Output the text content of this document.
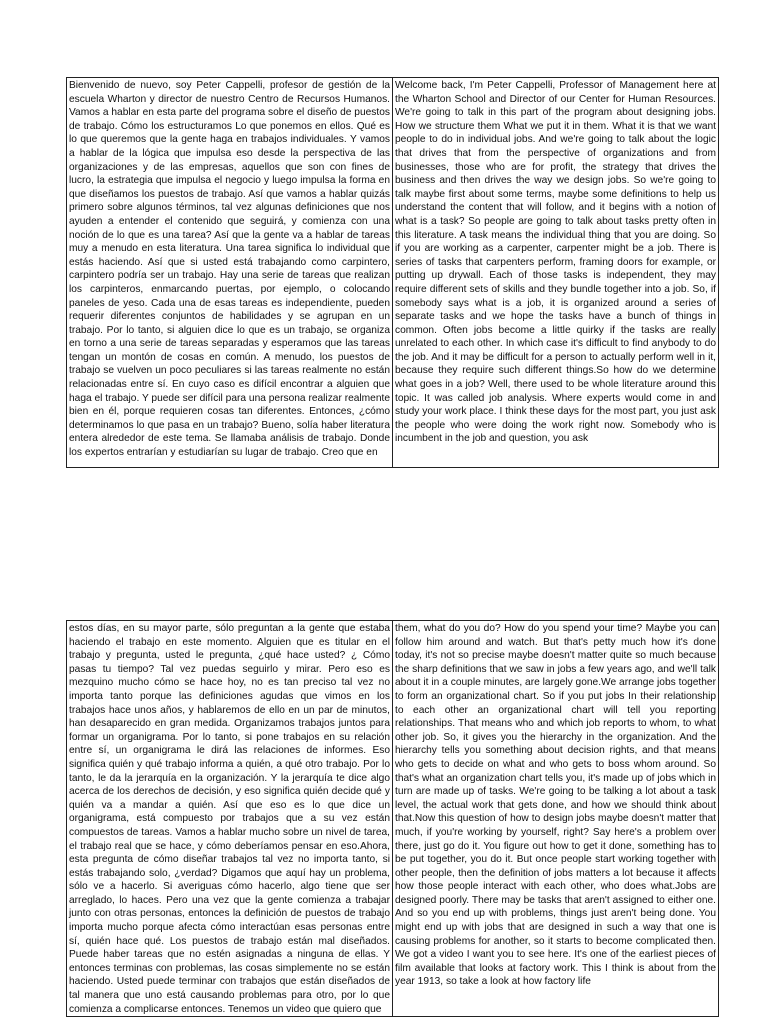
Bienvenido de nuevo, soy Peter Cappelli, profesor de gestión de la escuela Wharton y director de nuestro Centro de Recursos Humanos. Vamos a hablar en esta parte del programa sobre el diseño de puestos de trabajo. Cómo los estructuramos Lo que ponemos en ellos. Qué es lo que queremos que la gente haga en trabajos individuales. Y vamos a hablar de la lógica que impulsa eso desde la perspectiva de las organizaciones y de las empresas, aquellos que son con fines de lucro, la estrategia que impulsa el negocio y luego impulsa la forma en que diseñamos los puestos de trabajo. Así que vamos a hablar quizás primero sobre algunos términos, tal vez algunas definiciones que nos ayuden a entender el contenido que seguirá, y comienza con una noción de lo que es una tarea? Así que la gente va a hablar de tareas muy a menudo en esta literatura. Una tarea significa lo individual que estás haciendo. Así que si usted está trabajando como carpintero, carpintero podría ser un trabajo. Hay una serie de tareas que realizan los carpinteros, enmarcando puertas, por ejemplo, o colocando paneles de yeso. Cada una de esas tareas es independiente, pueden requerir diferentes conjuntos de habilidades y se agrupan en un trabajo. Por lo tanto, si alguien dice lo que es un trabajo, se organiza en torno a una serie de tareas separadas y esperamos que las tareas tengan un montón de cosas en común. A menudo, los puestos de trabajo se vuelven un poco peculiares si las tareas realmente no están relacionadas entre sí. En cuyo caso es difícil encontrar a alguien que haga el trabajo. Y puede ser difícil para una persona realizar realmente bien en él, porque requieren cosas tan diferentes. Entonces, ¿cómo determinamos lo que pasa en un trabajo? Bueno, solía haber literatura entera alrededor de este tema. Se llamaba análisis de trabajo. Donde los expertos entrarían y estudiarían su lugar de trabajo. Creo que en	Welcome back, I'm Peter Cappelli, Professor of Management here at the Wharton School and Director of our Center for Human Resources. We're going to talk in this part of the program about designing jobs. How we structure them What we put it in them. What it is that we want people to do in individual jobs. And we're going to talk about the logic that drives that from the perspective of organizations and from businesses, those who are for profit, the strategy that drives the business and then drives the way we design jobs. So we're going to talk maybe first about some terms, maybe some definitions to help us understand the content that will follow, and it begins with a notion of what is a task? So people are going to talk about tasks pretty often in this literature. A task means the individual thing that you are doing. So if you are working as a carpenter, carpenter might be a job. There is series of tasks that carpenters perform, framing doors for example, or putting up drywall. Each of those tasks is independent, they may require different sets of skills and they bundle together into a job. So, if somebody says what is a job, it is organized around a series of separate tasks and we hope the tasks have a bunch of things in common. Often jobs become a little quirky if the tasks are really unrelated to each other. In which case it's difficult to find anybody to do the job. And it may be difficult for a person to actually perform well in it, because they require such different things.So how do we determine what goes in a job? Well, there used to be whole literature around this topic. It was called job analysis. Where experts would come in and study your work place. I think these days for the most part, you just ask the people who were doing the work right now. Somebody who is incumbent in the job and question, you ask
estos días, en su mayor parte, sólo preguntan a la gente que estaba haciendo el trabajo en este momento. Alguien que es titular en el trabajo y pregunta, usted le pregunta, ¿qué hace usted? ¿ Cómo pasas tu tiempo? Tal vez puedas seguirlo y mirar. Pero eso es mezquino mucho cómo se hace hoy, no es tan preciso tal vez no importa tanto porque las definiciones agudas que vimos en los trabajos hace unos años, y hablaremos de ello en un par de minutos, han desaparecido en gran medida. Organizamos trabajos juntos para formar un organigrama. Por lo tanto, si pone trabajos en su relación entre sí, un organigrama le dirá las relaciones de informes. Eso significa quién y qué trabajo informa a quién, a qué otro trabajo. Por lo tanto, le da la jerarquía en la organización. Y la jerarquía te dice algo acerca de los derechos de decisión, y eso significa quién decide qué y quién va a mandar a quién. Así que eso es lo que dice un organigrama, está compuesto por trabajos que a su vez están compuestos de tareas. Vamos a hablar mucho sobre un nivel de tarea, el trabajo real que se hace, y cómo deberíamos pensar en eso.Ahora, esta pregunta de cómo diseñar trabajos tal vez no importa tanto, si estás trabajando solo, ¿verdad? Digamos que aquí hay un problema, sólo ve a hacerlo. Si averiguas cómo hacerlo, algo tiene que ser arreglado, lo haces. Pero una vez que la gente comienza a trabajar junto con otras personas, entonces la definición de puestos de trabajo importa mucho porque afecta cómo interactúan esas personas entre sí, quién hace qué. Los puestos de trabajo están mal diseñados. Puede haber tareas que no estén asignadas a ninguna de ellas. Y entonces terminas con problemas, las cosas simplemente no se están haciendo. Usted puede terminar con trabajos que están diseñados de tal manera que uno está causando problemas para otro, por lo que comienza a complicarse entonces. Tenemos un video que quiero que	them, what do you do? How do you spend your time? Maybe you can follow him around and watch. But that's petty much how it's done today, it's not so precise maybe doesn't matter quite so much because the sharp definitions that we saw in jobs a few years ago, and we'll talk about it in a couple minutes, are largely gone.We arrange jobs together to form an organizational chart. So if you put jobs In their relationship to each other an organizational chart will tell you reporting relationships. That means who and which job reports to whom, to what other job. So, it gives you the hierarchy in the organization. And the hierarchy tells you something about decision rights, and that means who gets to decide on what and who gets to boss whom around. So that's what an organization chart tells you, it's made up of jobs which in turn are made up of tasks. We're going to be talking a lot about a task level, the actual work that gets done, and how we should think about that.Now this question of how to design jobs maybe doesn't matter that much, if you're working by yourself, right? Say here's a problem over there, just go do it. You figure out how to get it done, something has to be put together, you do it. But once people start working together with other people, then the definition of jobs matters a lot because it affects how those people interact with each other, who does what.Jobs are designed poorly. There may be tasks that aren't assigned to either one. And so you end up with problems, things just aren't being done. You might end up with jobs that are designed in such a way that one is causing problems for another, so it starts to become complicated then. We got a video I want you to see here. It's one of the earliest pieces of film available that looks at factory work. This I think is about from the year 1913, so take a look at how factory life
